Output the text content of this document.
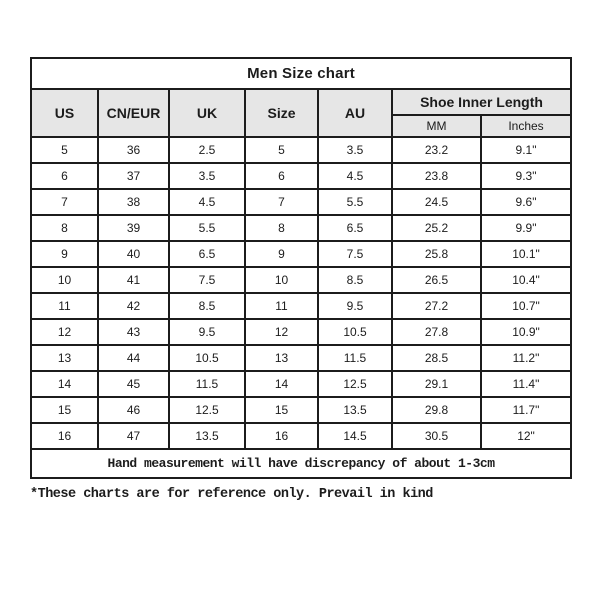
Men Size chart						
US	CN/EUR	UK	Size	AU	Shoe Inner Length	
					MM	Inches
5	36	2.5	5	3.5	23.2	9.1"
6	37	3.5	6	4.5	23.8	9.3"
7	38	4.5	7	5.5	24.5	9.6"
8	39	5.5	8	6.5	25.2	9.9"
9	40	6.5	9	7.5	25.8	10.1"
10	41	7.5	10	8.5	26.5	10.4"
11	42	8.5	11	9.5	27.2	10.7"
12	43	9.5	12	10.5	27.8	10.9"
13	44	10.5	13	11.5	28.5	11.2"
14	45	11.5	14	12.5	29.1	11.4"
15	46	12.5	15	13.5	29.8	11.7"
16	47	13.5	16	14.5	30.5	12"
Hand measurement will have discrepancy of about 1-3cm						
*These charts are for reference only. Prevail in kind
